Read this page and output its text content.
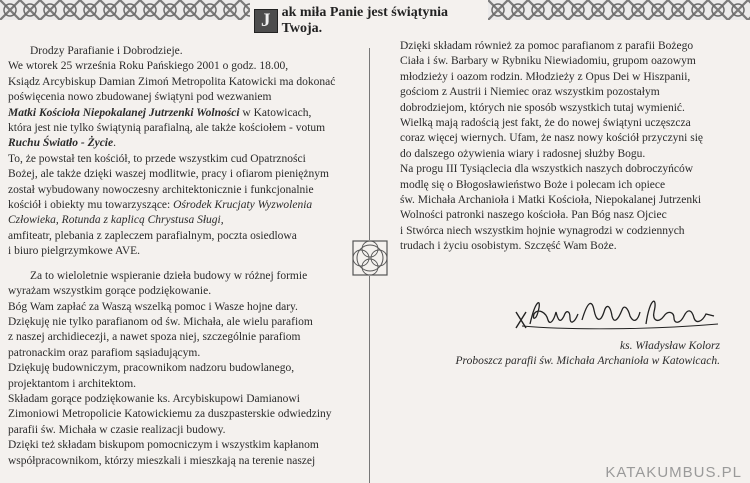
J ak miła Panie jest świątynia Twoja.
Drodzy Parafianie i Dobrodzieje.
We wtorek 25 września Roku Pańskiego 2001 o godz. 18.00,
Ksiądz Arcybiskup Damian Zimoń Metropolita Katowicki ma dokonać
poświęcenia nowo zbudowanej świątyni pod wezwaniem
Matki Kościoła Niepokalanej Jutrzenki Wolności w Katowicach,
która jest nie tylko świątynią parafialną, ale także kościołem - votum
Ruchu Światło - Życie.
To, że powstał ten kościół, to przede wszystkim cud Opatrzności
Bożej, ale także dzięki waszej modlitwie, pracy i ofiarom pieniężnym
został wybudowany nowoczesny architektonicznie i funkcjonalnie
kościół i obiekty mu towarzyszące: Ośrodek Krucjaty Wyzwolenia
Człowieka, Rotunda z kaplicą Chrystusa Sługi,
amfiteatr, plebania z zapleczem parafialnym, poczta osiedlowa
i biuro pielgrzymkowe AVE.
Za to wieloletnie wspieranie dzieła budowy w różnej formie
wyrażam wszystkim gorące podziękowanie.
Bóg Wam zapłać za Waszą wszelką pomoc i Wasze hojne dary.
Dziękuję nie tylko parafianom od św. Michała, ale wielu parafiom
z naszej archidiecezji, a nawet spoza niej, szczególnie parafiom
patronackim oraz parafiom sąsiadującym.
Dziękuję budowniczym, pracownikom nadzoru budowlanego,
projektantom i architektom.
Składam gorące podziękowanie ks. Arcybiskupowi Damianowi
Zimoniowi Metropolicie Katowickiemu za duszpasterskie odwiedziny
parafii św. Michała w czasie realizacji budowy.
Dzięki też składam biskupom pomocniczym i wszystkim kapłanom
współpracownikom, którzy mieszkali i mieszkają na terenie naszej
Dzięki składam również za pomoc parafianom z parafii Bożego
Ciała i św. Barbary w Rybniku Niewiadomiu, grupom oazowym
młodzieży i oazom rodzin. Młodzieży z Opus Dei w Hiszpanii,
gościom z Austrii i Niemiec oraz wszystkim pozostałym
dobrodziejom, których nie sposób wszystkich tutaj wymienić.
Wielką mają radością jest fakt, że do nowej świątyni uczęszcza
coraz więcej wiernych. Ufam, że nasz nowy kościół przyczyni się
do dalszego ożywienia wiary i radosnej służby Bogu.
Na progu III Tysiąclecia dla wszystkich naszych dobroczyńców
modlę się o Błogosławieństwo Boże i polecam ich opiece
św. Michała Archanioła i Matki Kościoła, Niepokalanej Jutrzenki
Wolności patronki naszego kościoła. Pan Bóg nasz Ojciec
i Stwórca niech wszystkim hojnie wynagrodzi w codziennych
trudach i życiu osobistym. Szczęść Wam Boże.
ks. Władysław Kolorz
Proboszcz parafii św. Michała Archanioła w Katowicach.
KATAKUMBUS.PL
